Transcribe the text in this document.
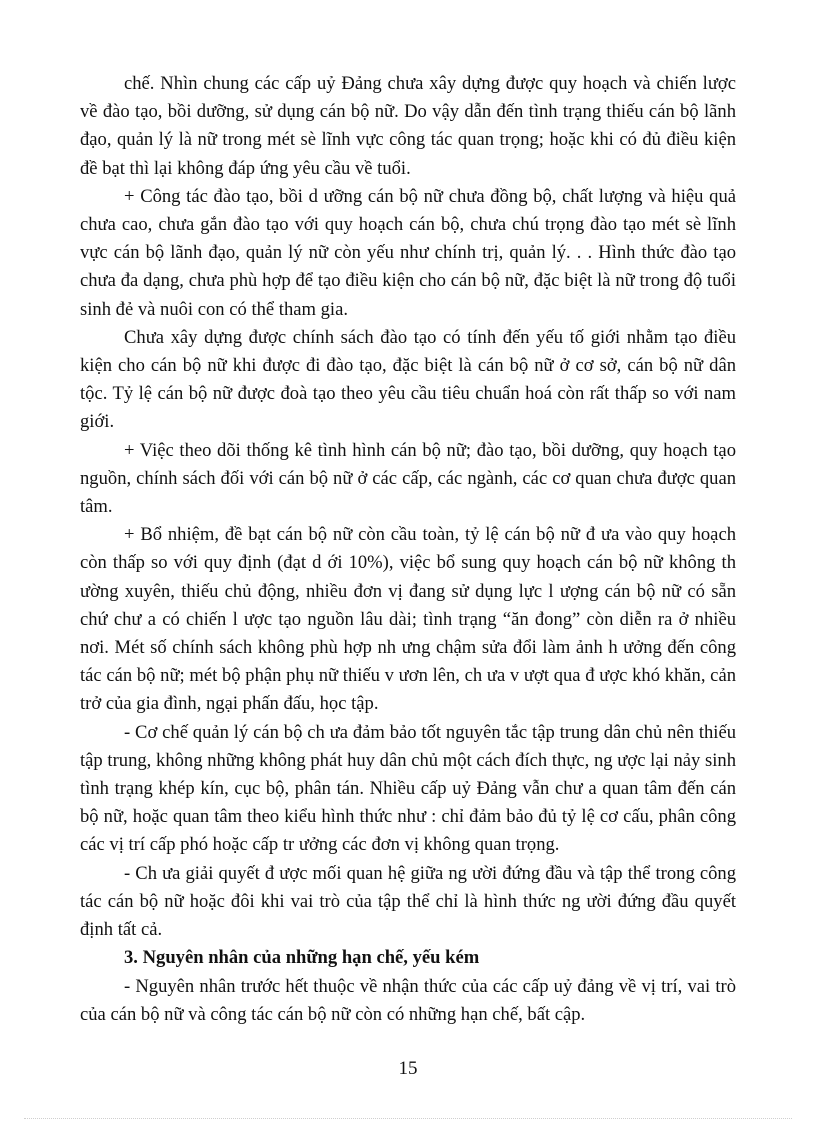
chế. Nhìn chung các cấp uỷ Đảng chưa xây dựng được quy hoạch và chiến lược về đào tạo, bồi dưỡng, sử dụng cán bộ nữ. Do vậy dẫn đến tình trạng thiếu cán bộ lãnh đạo, quản lý là nữ trong mét sè lĩnh vực công tác quan trọng; hoặc khi có đủ điều kiện đề bạt thì lại không đáp ứng yêu cầu về tuổi.

+ Công tác đào tạo, bồi d ưỡng cán bộ nữ chưa đồng bộ, chất lượng và hiệu quả chưa cao, chưa gắn đào tạo với quy hoạch cán bộ, chưa chú trọng đào tạo mét sè lĩnh vực cán bộ lãnh đạo, quản lý nữ còn yếu như chính trị, quản lý. . . Hình thức đào tạo chưa đa dạng, chưa phù hợp để tạo điều kiện cho cán bộ nữ, đặc biệt là nữ trong độ tuổi sinh đẻ và nuôi con có thể tham gia.

Chưa xây dựng được chính sách đào tạo có tính đến yếu tố giới nhằm tạo điều kiện cho cán bộ nữ khi được đi đào tạo, đặc biệt là cán bộ nữ ở cơ sở, cán bộ nữ dân tộc. Tỷ lệ cán bộ nữ được đoà tạo theo yêu cầu tiêu chuẩn hoá còn rất thấp so với nam giới.

+ Việc theo dõi thống kê tình hình cán bộ nữ; đào tạo, bồi dưỡng, quy hoạch tạo nguồn, chính sách đối với cán bộ nữ ở các cấp, các ngành, các cơ quan chưa được quan tâm.

+ Bổ nhiệm, đề bạt cán bộ nữ còn cầu toàn, tỷ lệ cán bộ nữ đ ưa vào quy hoạch còn thấp so với quy định (đạt d ới 10%), việc bổ sung quy hoạch cán bộ nữ không th ường xuyên, thiếu chủ động, nhiều đơn vị đang sử dụng lực l ượng cán bộ nữ có sẵn chứ chư a có chiến l ược tạo nguồn lâu dài; tình trạng “ăn đong” còn diễn ra ở nhiều nơi. Mét số chính sách không phù hợp nh ưng chậm sửa đổi làm ảnh h ưởng đến công tác cán bộ nữ; mét bộ phận phụ nữ thiếu v ươn lên, ch ưa v ượt qua đ ược khó khăn, cản trở của gia đình, ngại phấn đấu, học tập.

- Cơ chế quản lý cán bộ ch ưa đảm bảo tốt nguyên tắc tập trung dân chủ nên thiếu tập trung, không những không phát huy dân chủ một cách đích thực, ng ược lại nảy sinh tình trạng khép kín, cục bộ, phân tán. Nhiều cấp uỷ Đảng vẫn chư a quan tâm đến cán bộ nữ, hoặc quan tâm theo kiểu hình thức như : chỉ đảm bảo đủ tỷ lệ cơ cấu, phân công các vị trí cấp phó hoặc cấp tr ưởng các đơn vị không quan trọng.

- Ch ưa giải quyết đ ược mối quan hệ giữa ng ười đứng đầu và tập thể trong công tác cán bộ nữ hoặc đôi khi vai trò của tập thể chỉ là hình thức ng ười đứng đầu quyết định tất cả.

3. Nguyên nhân của những hạn chế, yếu kém

- Nguyên nhân trước hết thuộc về nhận thức của các cấp uỷ đảng về vị trí, vai trò của cán bộ nữ và công tác cán bộ nữ còn có những hạn chế, bất cập.

15
